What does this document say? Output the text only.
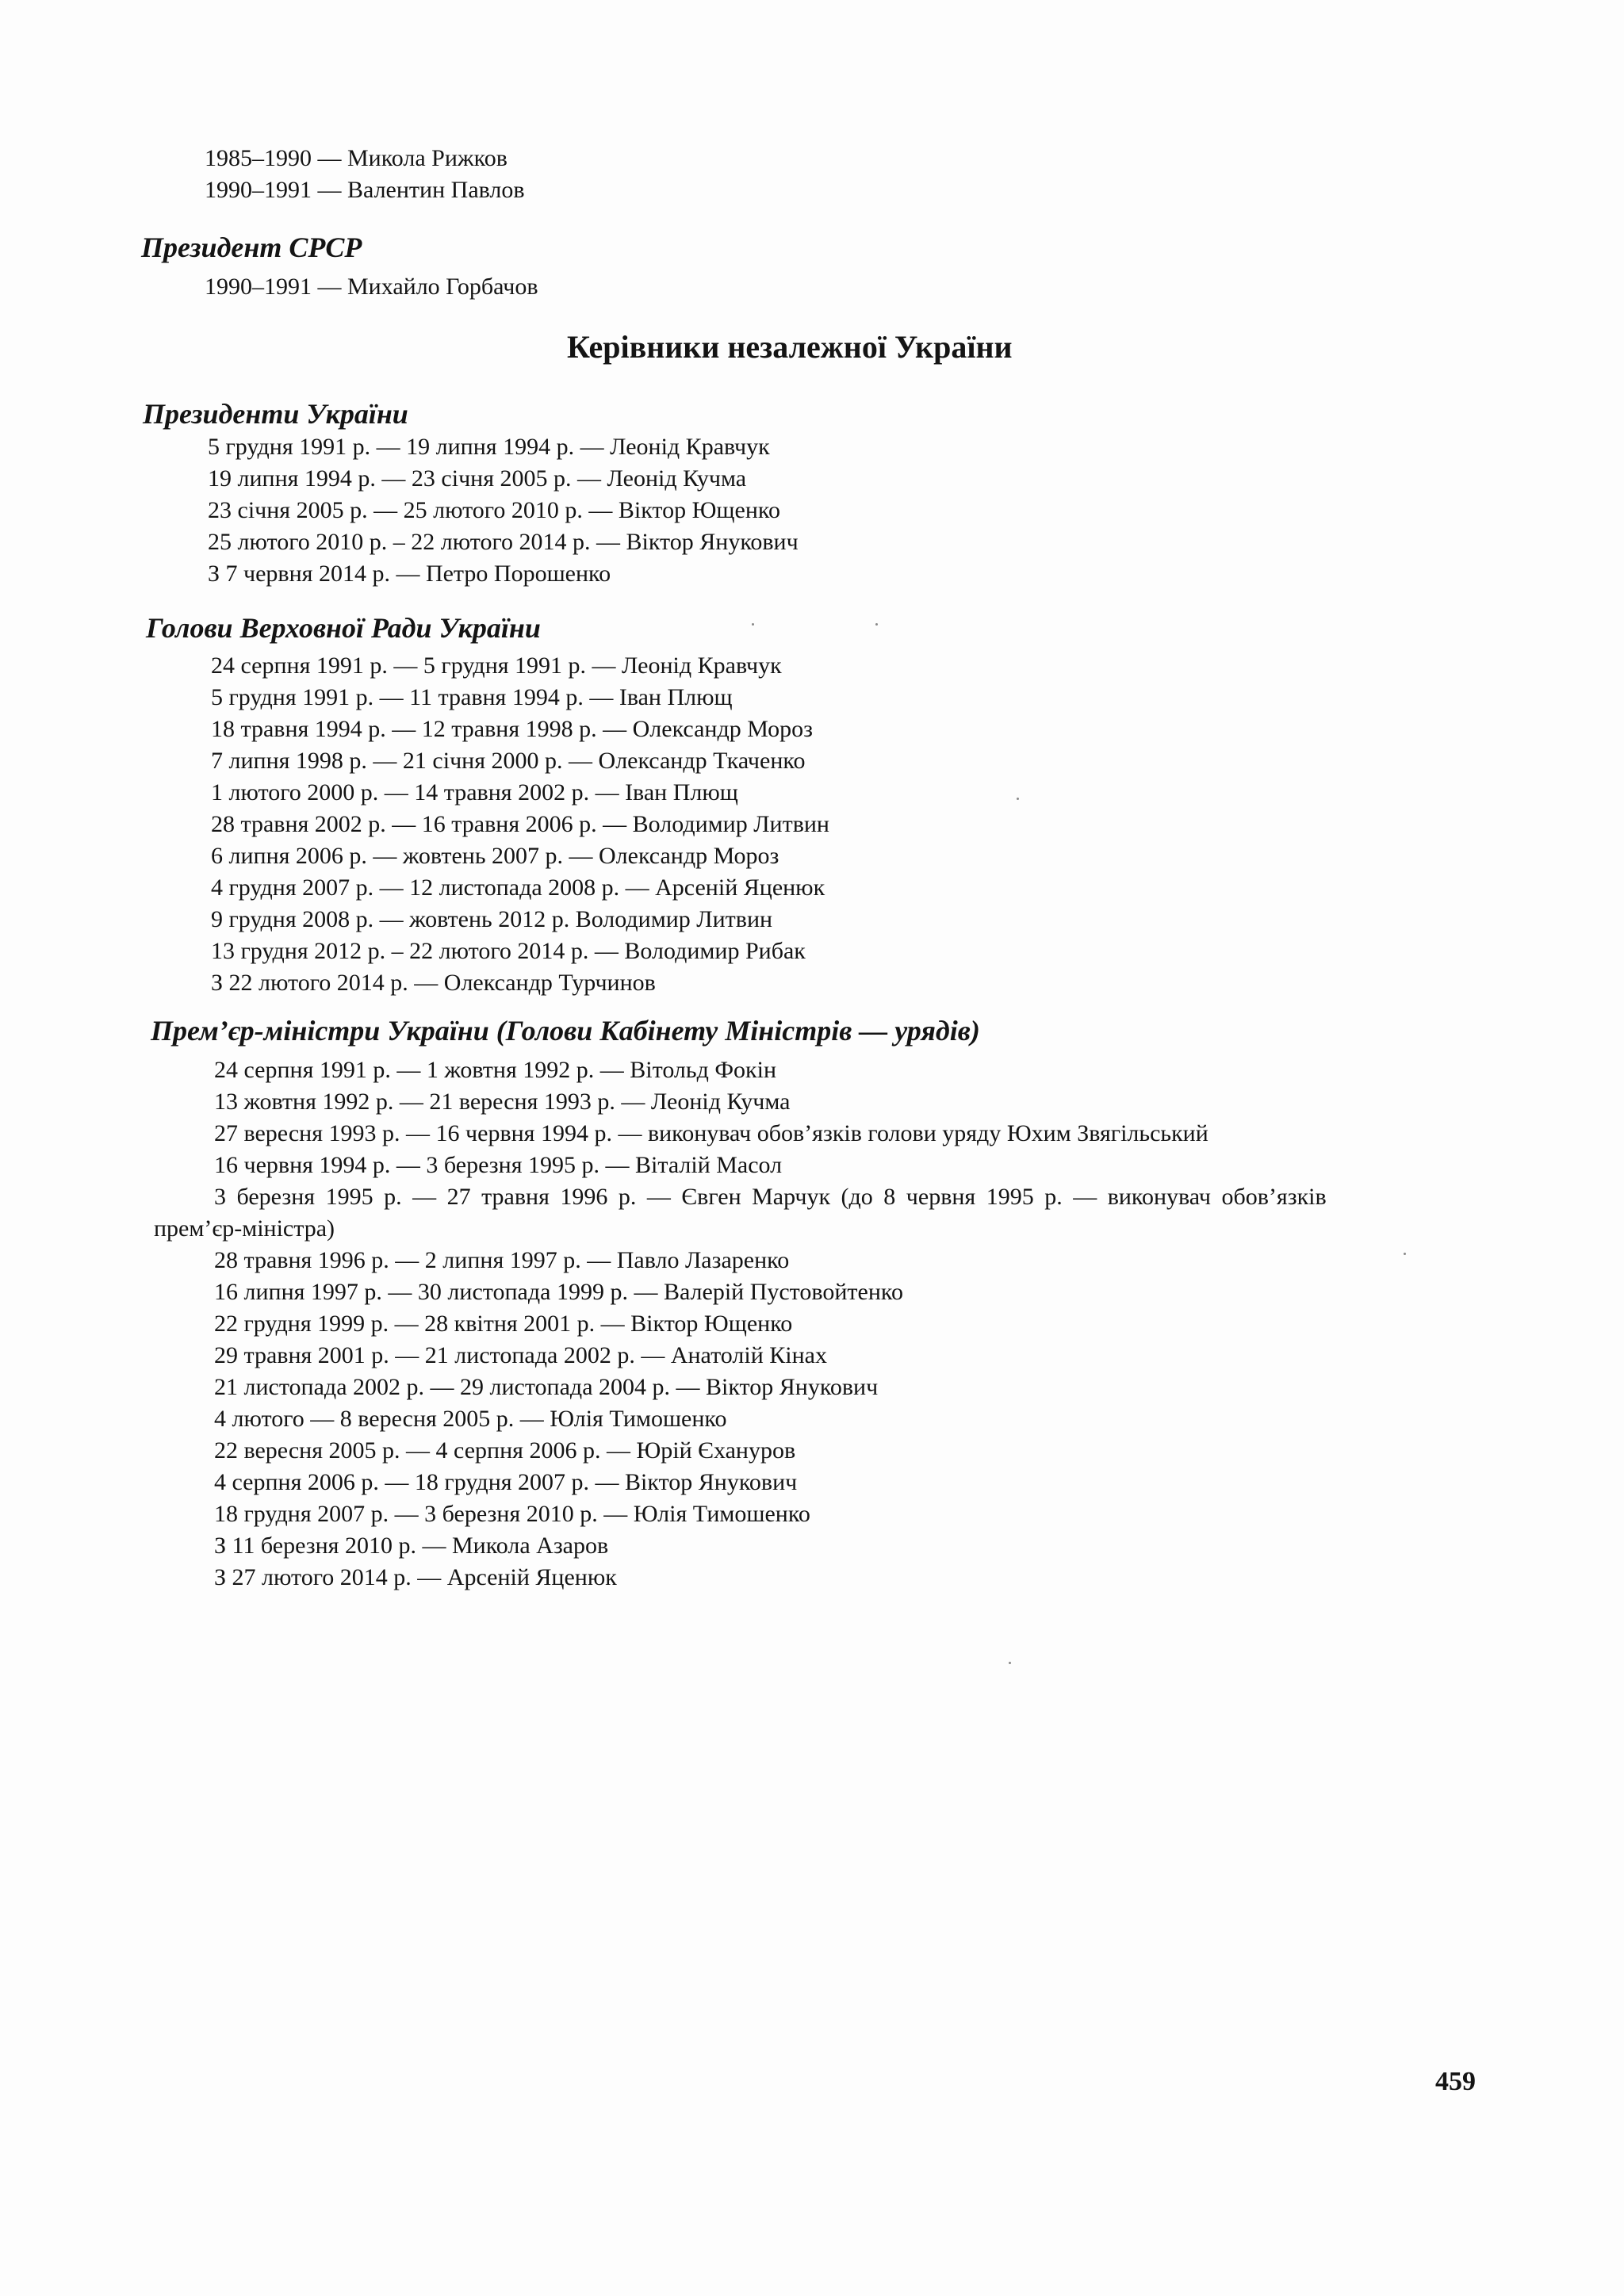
1985–1990 — Микола Рижков
1990–1991 — Валентин Павлов
Президент СРСР
1990–1991 — Михайло Горбачов
Керівники незалежної України
Президенти України
5 грудня 1991 р. — 19 липня 1994 р. — Леонід Кравчук
19 липня 1994 р. — 23 січня 2005 р. — Леонід Кучма
23 січня 2005 р. — 25 лютого 2010 р. — Віктор Ющенко
25 лютого 2010 р. – 22 лютого 2014 р. — Віктор Янукович
З 7 червня 2014 р. — Петро Порошенко
Голови Верховної Ради України
24 серпня 1991 р. — 5 грудня 1991 р. — Леонід Кравчук
5 грудня 1991 р. — 11 травня 1994 р. — Іван Плющ
18 травня 1994 р. — 12 травня 1998 р. — Олександр Мороз
7 липня 1998 р. — 21 січня 2000 р. — Олександр Ткаченко
1 лютого 2000 р. — 14 травня 2002 р. — Іван Плющ
28 травня 2002 р. — 16 травня 2006 р. — Володимир Литвин
6 липня 2006 р. — жовтень 2007 р. — Олександр Мороз
4 грудня 2007 р. — 12 листопада 2008 р. — Арсеній Яценюк
9 грудня 2008 р. — жовтень 2012 р. Володимир Литвин
13 грудня 2012 р. – 22 лютого 2014 р. — Володимир Рибак
З 22 лютого 2014 р. — Олександр Турчинов
Прем’єр-міністри України (Голови Кабінету Міністрів — урядів)
24 серпня 1991 р. — 1 жовтня 1992 р. — Вітольд Фокін
13 жовтня 1992 р. — 21 вересня 1993 р. — Леонід Кучма
27 вересня 1993 р. — 16 червня 1994 р. — виконувач обов’язків голови уряду Юхим Звягільський
16 червня 1994 р. — 3 березня 1995 р. — Віталій Масол
3 березня 1995 р. — 27 травня 1996 р. — Євген Марчук (до 8 червня 1995 р. — виконувач обов’язків
прем’єр-міністра)
28 травня 1996 р. — 2 липня 1997 р. — Павло Лазаренко
16 липня 1997 р. — 30 листопада 1999 р. — Валерій Пустовойтенко
22 грудня 1999 р. — 28 квітня 2001 р. — Віктор Ющенко
29 травня 2001 р. — 21 листопада 2002 р. — Анатолій Кінах
21 листопада 2002 р. — 29 листопада 2004 р. — Віктор Янукович
4 лютого — 8 вересня 2005 р. — Юлія Тимошенко
22 вересня 2005 р. — 4 серпня 2006 р. — Юрій Єхануров
4 серпня 2006 р. — 18 грудня 2007 р. — Віктор Янукович
18 грудня 2007 р. — 3 березня 2010 р. — Юлія Тимошенко
З 11 березня 2010 р. — Микола Азаров
З 27 лютого 2014 р. — Арсеній Яценюк
459
